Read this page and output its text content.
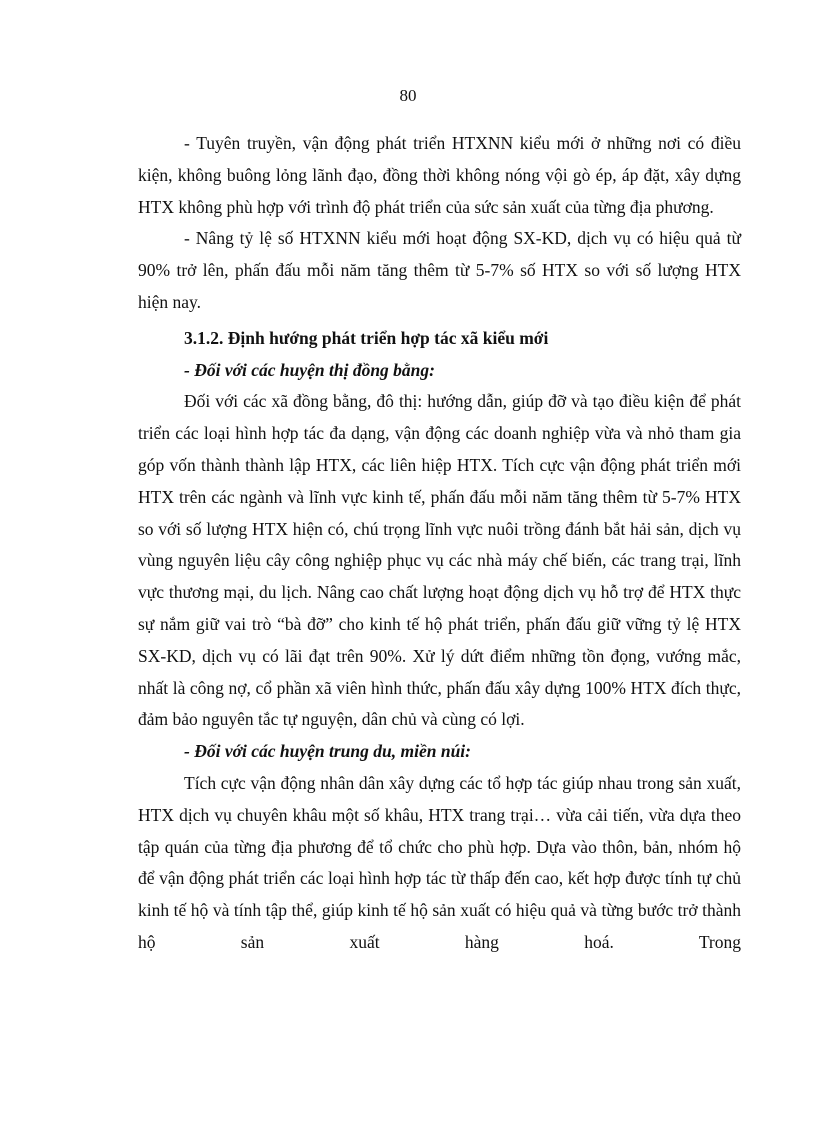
80

- Tuyên truyền, vận động phát triển HTXNN kiểu mới ở những nơi có điều kiện, không buông lỏng lãnh đạo, đồng thời không nóng vội gò ép, áp đặt, xây dựng HTX không phù hợp với trình độ phát triển của sức sản xuất của từng địa phương.

- Nâng tỷ lệ số HTXNN kiểu mới hoạt động SX-KD, dịch vụ có hiệu quả từ 90% trở lên, phấn đấu mỗi năm tăng thêm từ 5-7% số HTX so với số lượng HTX hiện nay.

3.1.2. Định hướng phát triển hợp tác xã kiểu mới
- Đối với các huyện thị đồng bằng:

Đối với các xã đồng bằng, đô thị: hướng dẫn, giúp đỡ và tạo điều kiện để phát triển các loại hình hợp tác đa dạng, vận động các doanh nghiệp vừa và nhỏ tham gia góp vốn thành thành lập HTX, các liên hiệp HTX. Tích cực vận động phát triển mới HTX trên các ngành và lĩnh vực kinh tế, phấn đấu mỗi năm tăng thêm từ 5-7% HTX so với số lượng HTX hiện có, chú trọng lĩnh vực nuôi trồng đánh bắt hải sản, dịch vụ vùng nguyên liệu cây công nghiệp phục vụ các nhà máy chế biến, các trang trại, lĩnh vực thương mại, du lịch. Nâng cao chất lượng hoạt động dịch vụ hỗ trợ để HTX thực sự nắm giữ vai trò “bà đỡ” cho kinh tế hộ phát triển, phấn đấu giữ vững tỷ lệ HTX SX-KD, dịch vụ có lãi đạt trên 90%. Xử lý dứt điểm những tồn đọng, vướng mắc, nhất là công nợ, cổ phần xã viên hình thức, phấn đấu xây dựng 100% HTX đích thực, đảm bảo nguyên tắc tự nguyện, dân chủ và cùng có lợi.

- Đối với các huyện trung du, miền núi:

Tích cực vận động nhân dân xây dựng các tổ hợp tác giúp nhau trong sản xuất, HTX dịch vụ chuyên khâu một số khâu, HTX trang trại… vừa cải tiến, vừa dựa theo tập quán của từng địa phương để tổ chức cho phù hợp. Dựa vào thôn, bản, nhóm hộ để vận động phát triển các loại hình hợp tác từ thấp đến cao, kết hợp được tính tự chủ kinh tế hộ và tính tập thể, giúp kinh tế hộ sản xuất có hiệu quả và từng bước trở thành hộ sản xuất hàng hoá. Trong
